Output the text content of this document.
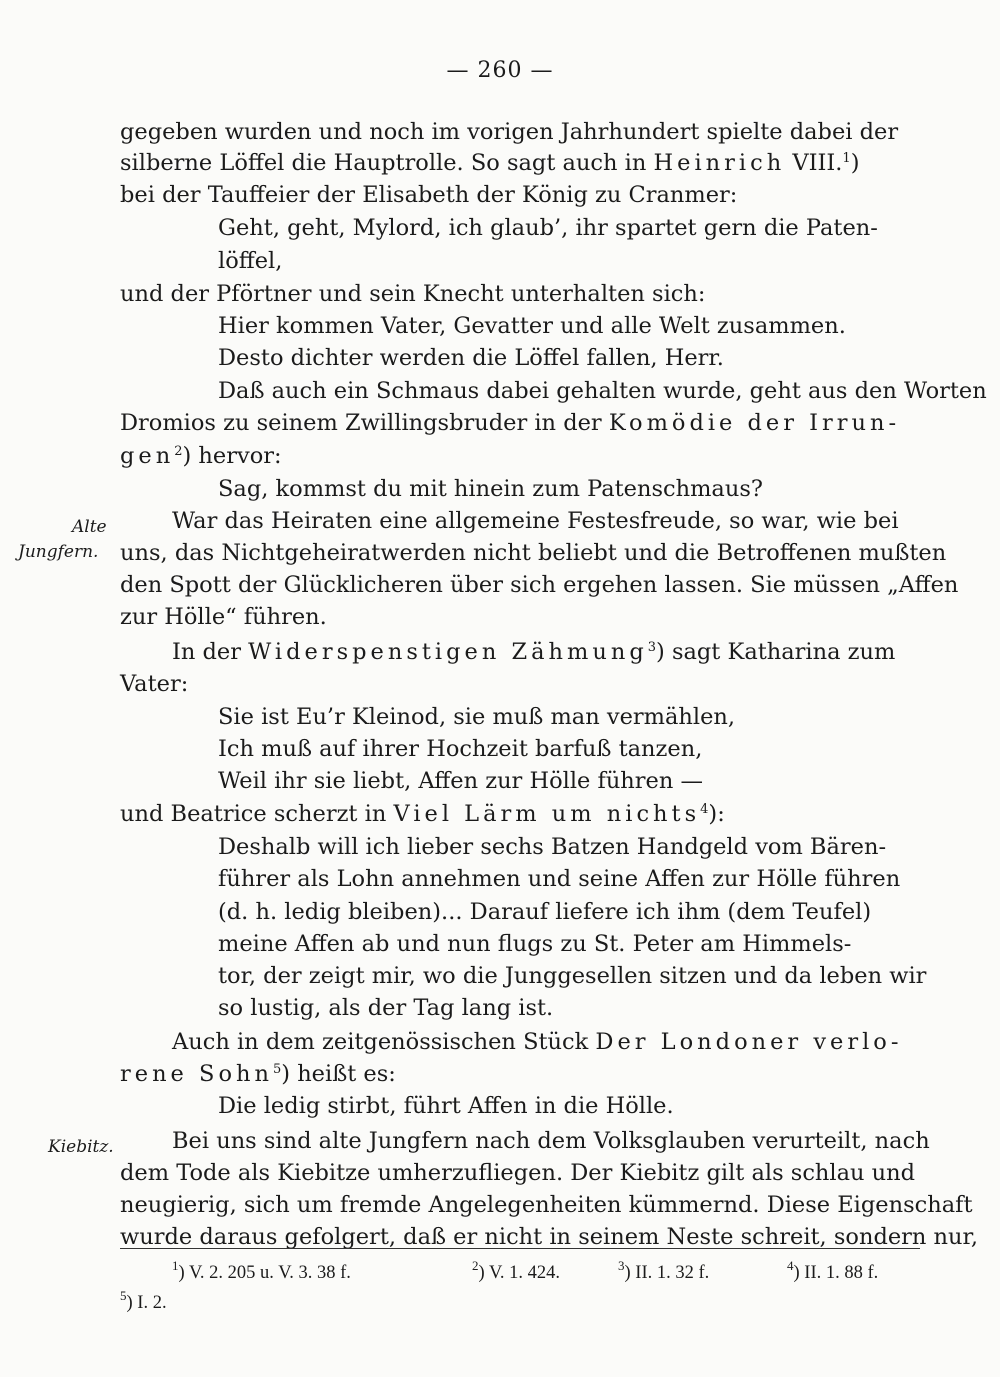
— 260 —
gegeben wurden und noch im vorigen Jahrhundert spielte dabei der
silberne Löffel die Hauptrolle. So sagt auch in Heinrich VIII.$^1$)
bei der Tauffeier der Elisabeth der König zu Cranmer:
Geht, geht, Mylord, ich glaub’, ihr spartet gern die Paten-
löffel,
und der Pförtner und sein Knecht unterhalten sich:
Hier kommen Vater, Gevatter und alle Welt zusammen.
Desto dichter werden die Löffel fallen, Herr.
Daß auch ein Schmaus dabei gehalten wurde, geht aus den Worten
Dromios zu seinem Zwillingsbruder in der Komödie der Irrun-
gen$^2$) hervor:
Sag, kommst du mit hinein zum Patenschmaus?
Alte
Jungfern.
War das Heiraten eine allgemeine Festesfreude, so war, wie bei
uns, das Nichtgeheiratwerden nicht beliebt und die Betroffenen mußten
den Spott der Glücklicheren über sich ergehen lassen. Sie müssen „Affen
zur Hölle“ führen.
In der Widerspenstigen Zähmung$^3$) sagt Katharina zum
Vater:
Sie ist Eu’r Kleinod, sie muß man vermählen,
Ich muß auf ihrer Hochzeit barfuß tanzen,
Weil ihr sie liebt, Affen zur Hölle führen —
und Beatrice scherzt in Viel Lärm um nichts$^4$):
Deshalb will ich lieber sechs Batzen Handgeld vom Bären-
führer als Lohn annehmen und seine Affen zur Hölle führen
(d. h. ledig bleiben)... Darauf liefere ich ihm (dem Teufel)
meine Affen ab und nun flugs zu St. Peter am Himmels-
tor, der zeigt mir, wo die Junggesellen sitzen und da leben wir
so lustig, als der Tag lang ist.
Auch in dem zeitgenössischen Stück Der Londoner verlo-
rene Sohn$^5$) heißt es:
Die ledig stirbt, führt Affen in die Hölle.
Kiebitz.	Bei uns sind alte Jungfern nach dem Volksglauben verurteilt, nach
dem Tode als Kiebitze umherzufliegen. Der Kiebitz gilt als schlau und
neugierig, sich um fremde Angelegenheiten kümmernd. Diese Eigenschaft
wurde daraus gefolgert, daß er nicht in seinem Neste schreit, sondern nur,
$^1$) V. 2. 205 u. V. 3. 38 f.	$^2$) V. 1. 424.	$^3$) II. 1. 32 f.	$^4$) II. 1. 88 f.
$^5$) I. 2.
